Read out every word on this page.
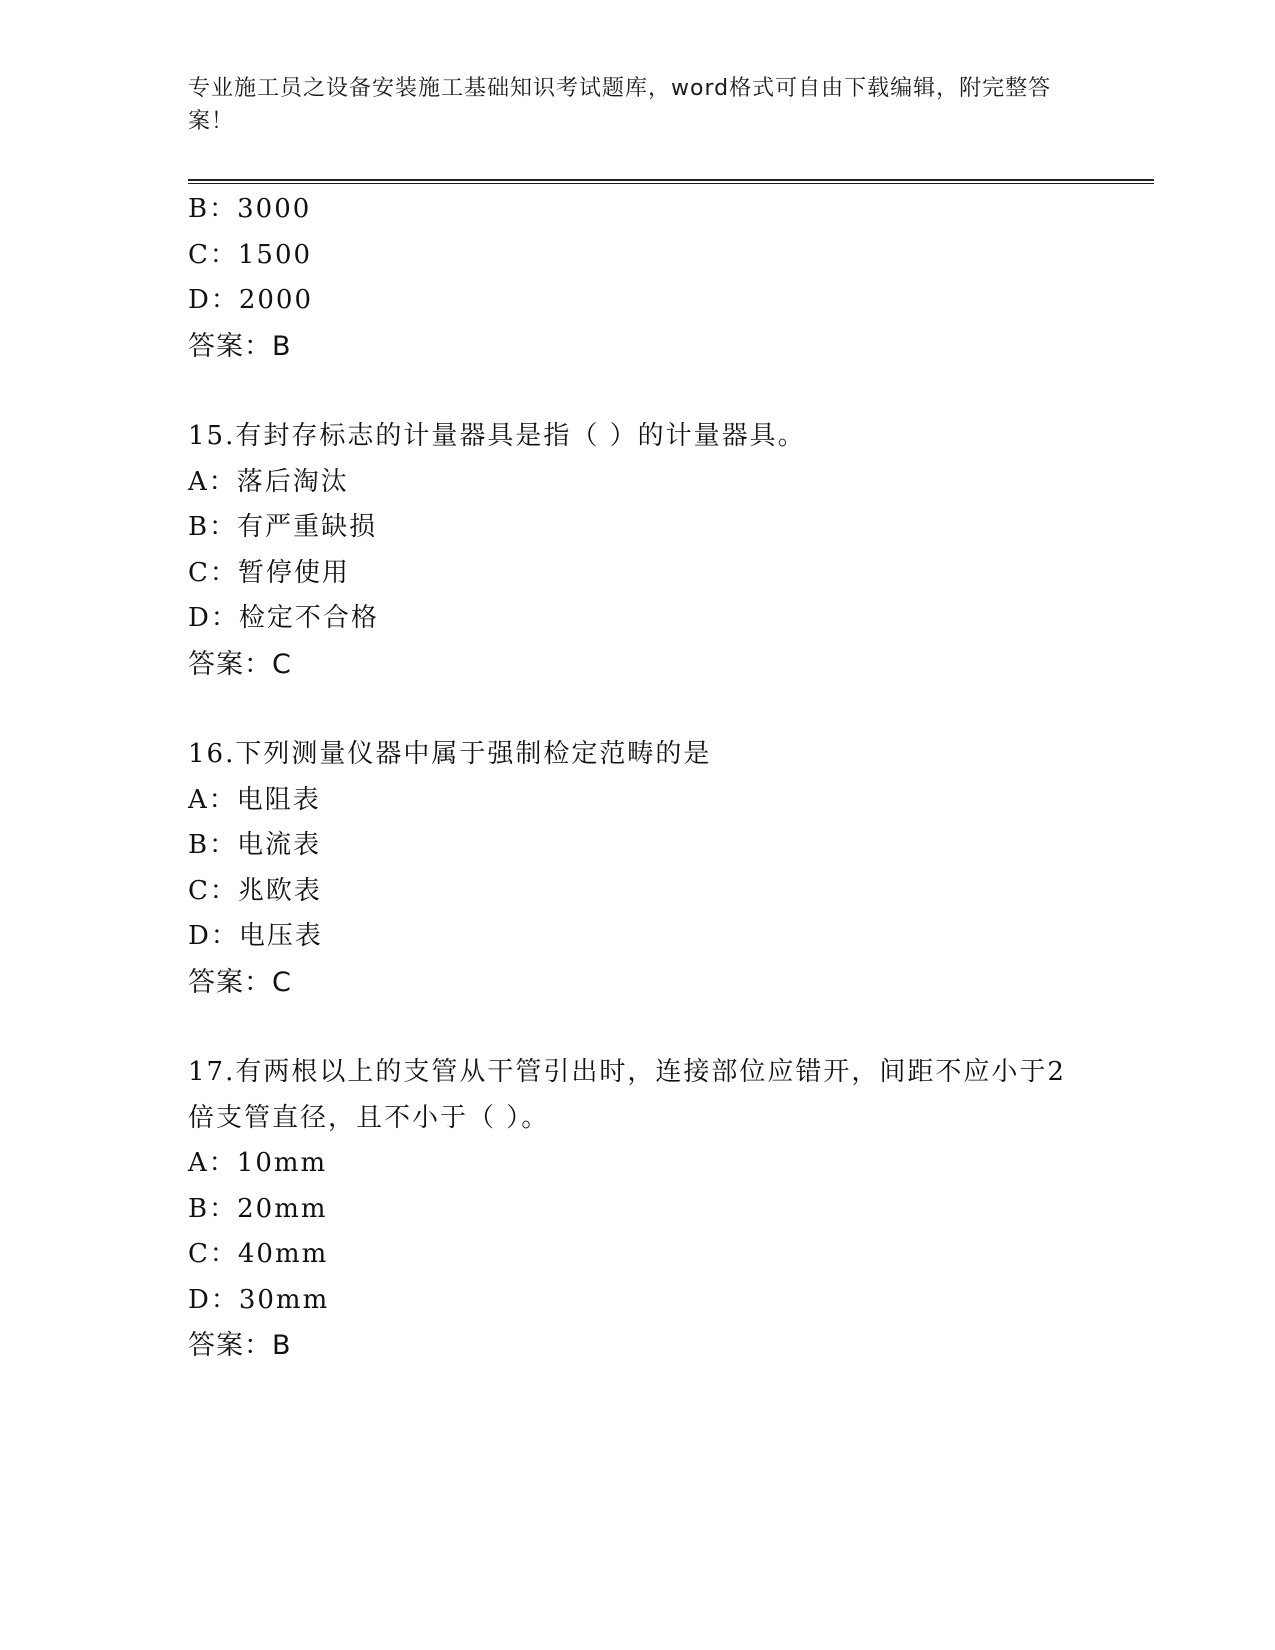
专业施工员之设备安装施工基础知识考试题库，word格式可自由下载编辑，附完整答案！
B：3000
C：1500
D：2000
答案：B
15.有封存标志的计量器具是指（ ）的计量器具。
A：落后淘汰
B：有严重缺损
C：暂停使用
D：检定不合格
答案：C
16.下列测量仪器中属于强制检定范畴的是
A：电阻表
B：电流表
C：兆欧表
D：电压表
答案：C
17.有两根以上的支管从干管引出时，连接部位应错开，间距不应小于2倍支管直径，且不小于（ ）。
A：10mm
B：20mm
C：40mm
D：30mm
答案：B
